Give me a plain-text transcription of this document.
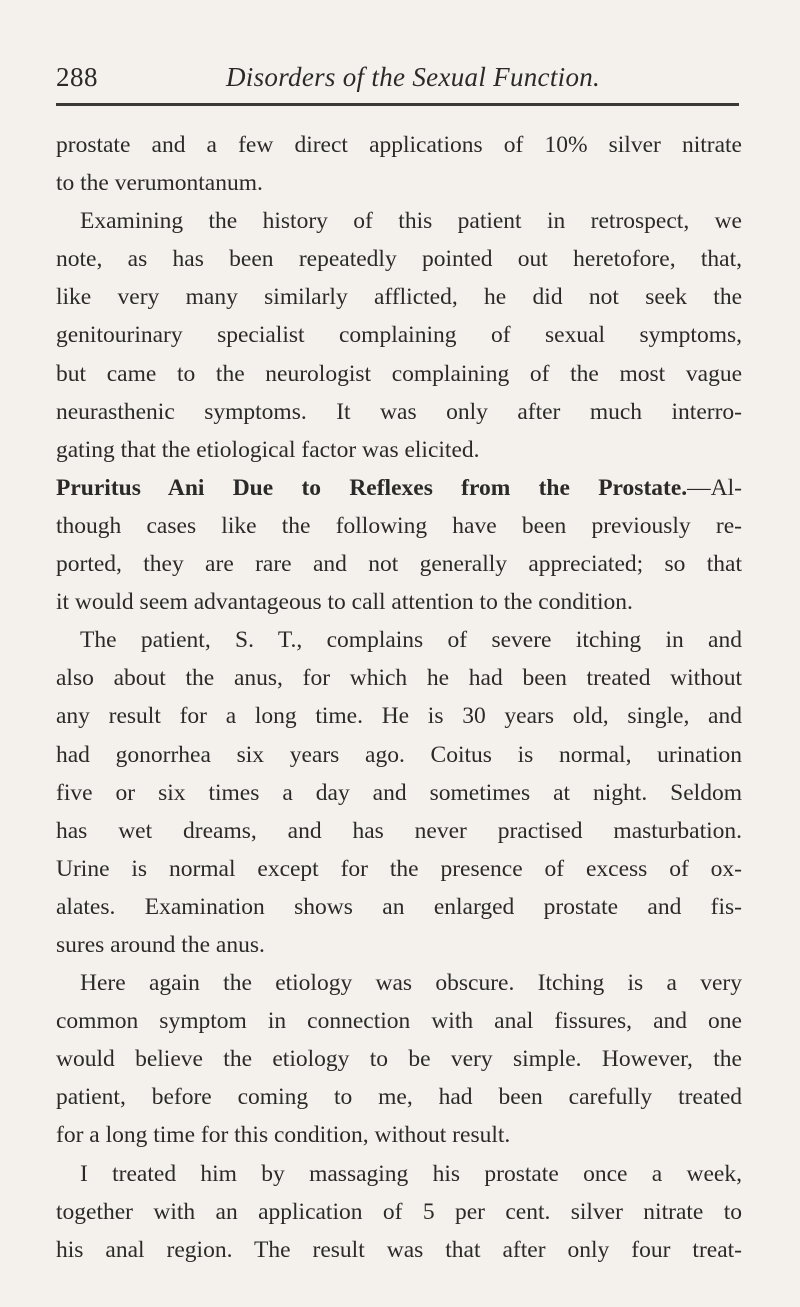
288	Disorders of the Sexual Function.
prostate and a few direct applications of 10% silver nitrate
to the verumontanum.
Examining the history of this patient in retrospect, we
note, as has been repeatedly pointed out heretofore, that,
like very many similarly afflicted, he did not seek the
genitourinary specialist complaining of sexual symptoms,
but came to the neurologist complaining of the most vague
neurasthenic symptoms. It was only after much interro-
gating that the etiological factor was elicited.
Pruritus Ani Due to Reflexes from the Prostate.—Al-
though cases like the following have been previously re-
ported, they are rare and not generally appreciated; so that
it would seem advantageous to call attention to the condition.
The patient, S. T., complains of severe itching in and
also about the anus, for which he had been treated without
any result for a long time. He is 30 years old, single, and
had gonorrhea six years ago. Coitus is normal, urination
five or six times a day and sometimes at night. Seldom
has wet dreams, and has never practised masturbation.
Urine is normal except for the presence of excess of ox-
alates. Examination shows an enlarged prostate and fis-
sures around the anus.
Here again the etiology was obscure. Itching is a very
common symptom in connection with anal fissures, and one
would believe the etiology to be very simple. However, the
patient, before coming to me, had been carefully treated
for a long time for this condition, without result.
I treated him by massaging his prostate once a week,
together with an application of 5 per cent. silver nitrate to
his anal region. The result was that after only four treat-
